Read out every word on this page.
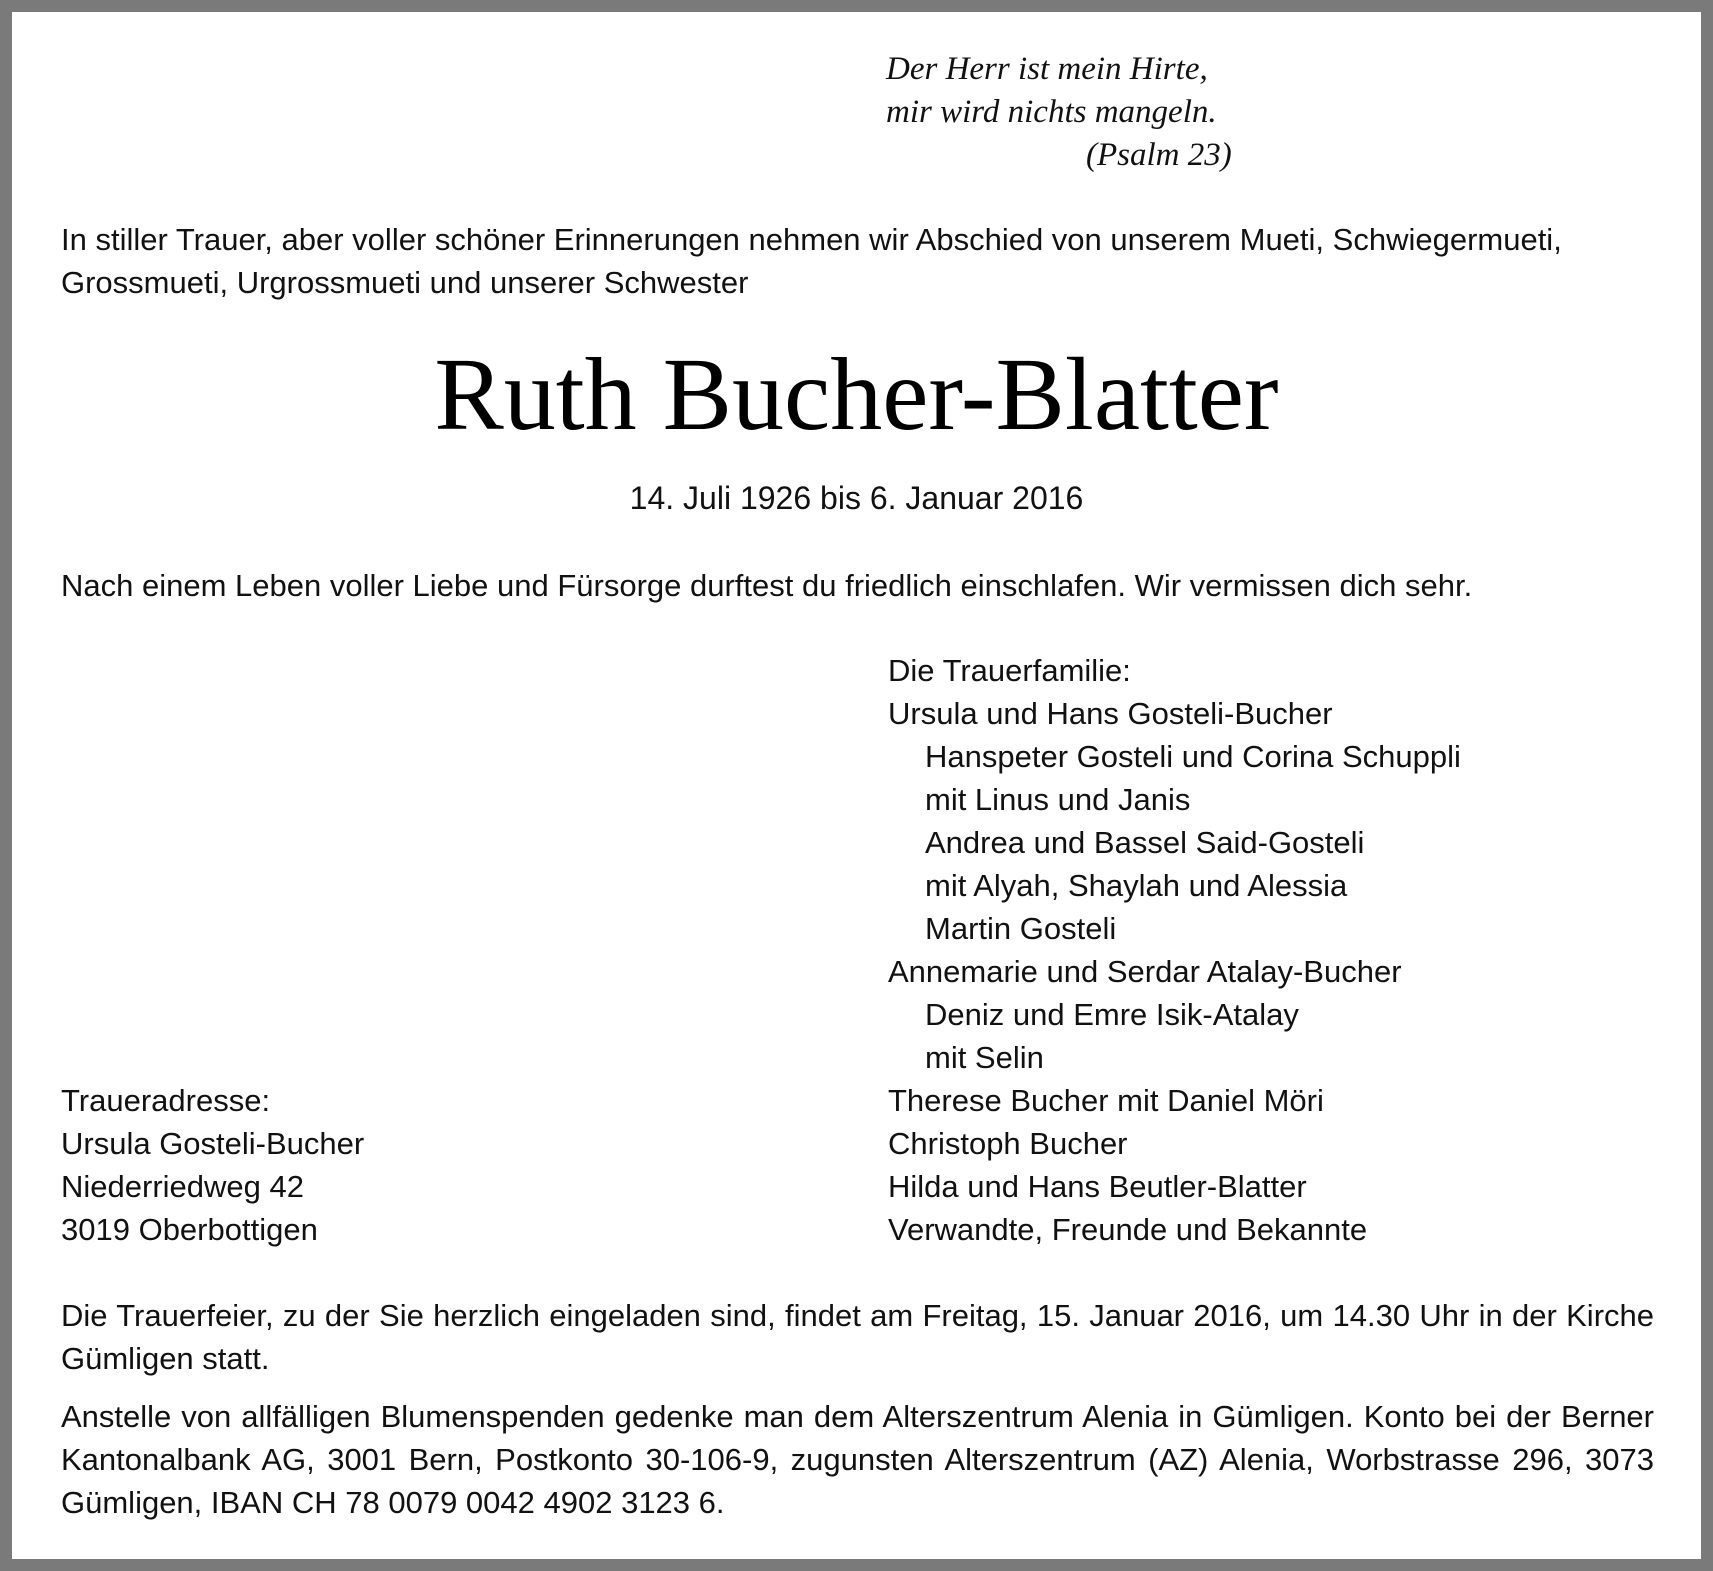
Der Herr ist mein Hirte,
mir wird nichts mangeln.
(Psalm 23)
In stiller Trauer, aber voller schöner Erinnerungen nehmen wir Abschied von unserem Mueti, Schwiegermueti, Grossmueti, Urgrossmueti und unserer Schwester
Ruth Bucher-Blatter
14. Juli 1926 bis 6. Januar 2016
Nach einem Leben voller Liebe und Fürsorge durftest du friedlich einschlafen. Wir vermissen dich sehr.
Die Trauerfamilie:
Ursula und Hans Gosteli-Bucher
Hanspeter Gosteli und Corina Schuppli
mit Linus und Janis
Andrea und Bassel Said-Gosteli
mit Alyah, Shaylah und Alessia
Martin Gosteli
Annemarie und Serdar Atalay-Bucher
Deniz und Emre Isik-Atalay
mit Selin
Therese Bucher mit Daniel Möri
Christoph Bucher
Hilda und Hans Beutler-Blatter
Verwandte, Freunde und Bekannte
Traueradresse:
Ursula Gosteli-Bucher
Niederriedweg 42
3019 Oberbottigen
Die Trauerfeier, zu der Sie herzlich eingeladen sind, findet am Freitag, 15. Januar 2016, um 14.30 Uhr in der Kirche Gümligen statt.
Anstelle von allfälligen Blumenspenden gedenke man dem Alterszentrum Alenia in Gümligen. Konto bei der Berner Kantonalbank AG, 3001 Bern, Postkonto 30-106-9, zugunsten Alterszentrum (AZ) Alenia, Worbstrasse 296, 3073 Gümligen, IBAN CH 78 0079 0042 4902 3123 6.
